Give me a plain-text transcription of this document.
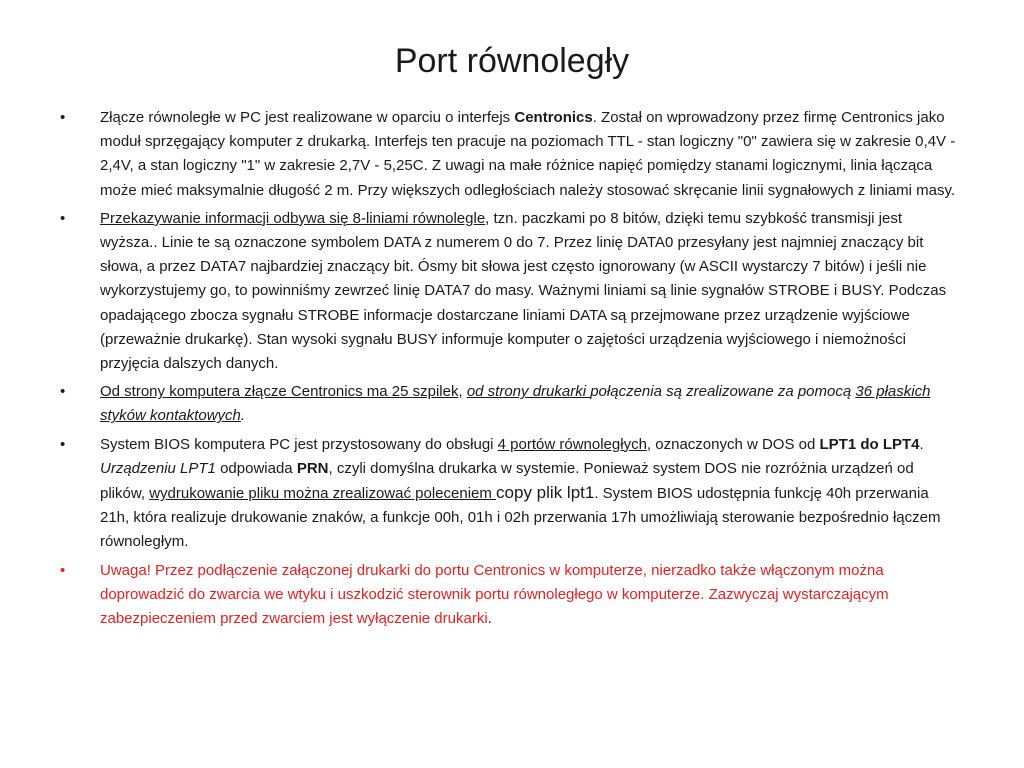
Port równoległy
• Złącze równoległe w PC jest realizowane w oparciu o interfejs Centronics. Został on wprowadzony przez firmę Centronics jako moduł sprzęgający komputer z drukarką. Interfejs ten pracuje na poziomach TTL - stan logiczny "0" zawiera się w zakresie 0,4V - 2,4V, a stan logiczny "1" w zakresie 2,7V - 5,25C. Z uwagi na małe różnice napięć pomiędzy stanami logicznymi, linia łącząca może mieć maksymalnie długość 2 m. Przy większych odległościach należy stosować skręcanie linii sygnałowych z liniami masy.
• Przekazywanie informacji odbywa się 8-liniami równolegle, tzn. paczkami po 8 bitów, dzięki temu szybkość transmisji jest wyższa.. Linie te są oznaczone symbolem DATA z numerem 0 do 7. Przez linię DATA0 przesyłany jest najmniej znaczący bit słowa, a przez DATA7 najbardziej znaczący bit. Ósmy bit słowa jest często ignorowany (w ASCII wystarczy 7 bitów) i jeśli nie wykorzystujemy go, to powinniśmy zewrzeć linię DATA7 do masy. Ważnymi liniami są linie sygnałów STROBE i BUSY. Podczas opadającego zbocza sygnału STROBE informacje dostarczane liniami DATA są przejmowane przez urządzenie wyjściowe (przeważnie drukarkę). Stan wysoki sygnału BUSY informuje komputer o zajętości urządzenia wyjściowego i niemożności przyjęcia dalszych danych.
• Od strony komputera złącze Centronics ma 25 szpilek, od strony drukarki połączenia są zrealizowane za pomocą 36 płaskich styków kontaktowych.
• System BIOS komputera PC jest przystosowany do obsługi 4 portów równoległych, oznaczonych w DOS od LPT1 do LPT4. Urządzeniu LPT1 odpowiada PRN, czyli domyślna drukarka w systemie. Ponieważ system DOS nie rozróżnia urządzeń od plików, wydrukowanie pliku można zrealizować poleceniem copy plik lpt1. System BIOS udostępnia funkcję 40h przerwania 21h, która realizuje drukowanie znaków, a funkcje 00h, 01h i 02h przerwania 17h umożliwiają sterowanie bezpośrednio łączem równoległym.
• Uwaga! Przez podłączenie załączonej drukarki do portu Centronics w komputerze, nierzadko także włączonym można doprowadzić do zwarcia we wtyku i uszkodzić sterownik portu równoległego w komputerze. Zazwyczaj wystarczającym zabezpieczeniem przed zwarciem jest wyłączenie drukarki.
